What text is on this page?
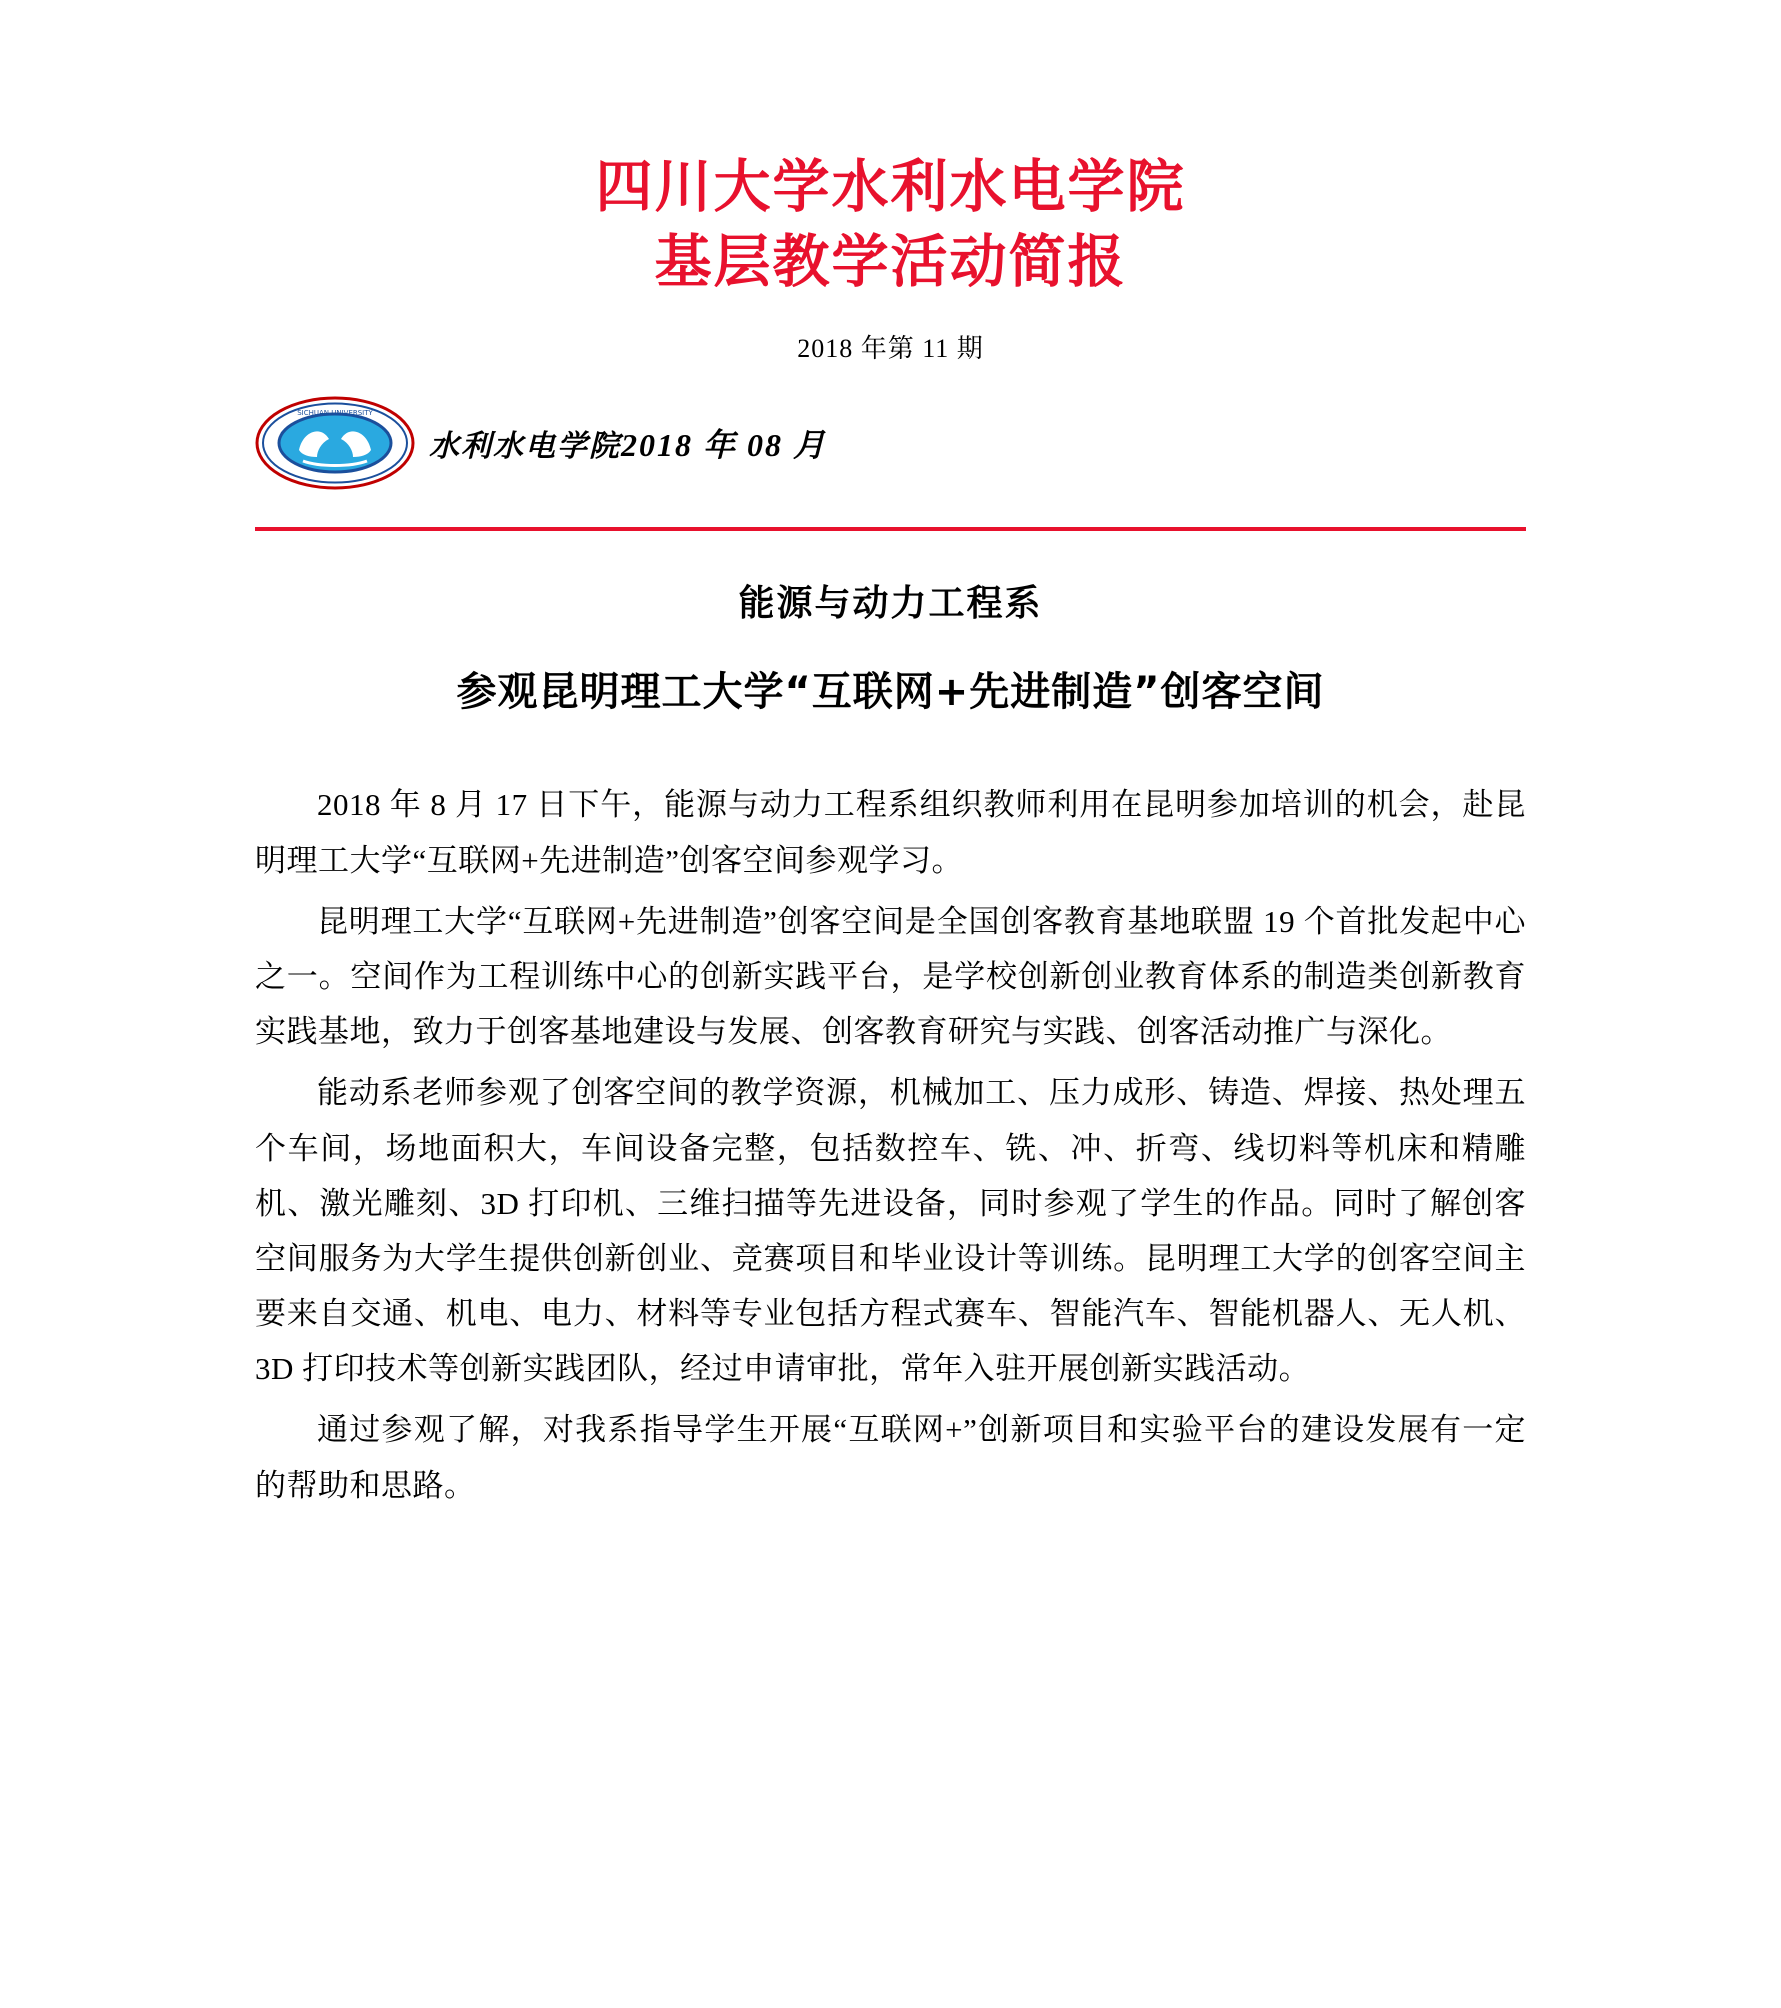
四川大学水利水电学院
基层教学活动简报
2018 年第 11 期
SICHUAN UNIVERSITY
水利水电学院2018 年 08 月
能源与动力工程系
参观昆明理工大学“互联网+先进制造”创客空间

2018 年 8 月 17 日下午，能源与动力工程系组织教师利用在昆明参加培训的机会，赴昆明理工大学“互联网+先进制造”创客空间参观学习。

昆明理工大学“互联网+先进制造”创客空间是全国创客教育基地联盟 19 个首批发起中心之一。空间作为工程训练中心的创新实践平台，是学校创新创业教育体系的制造类创新教育实践基地，致力于创客基地建设与发展、创客教育研究与实践、创客活动推广与深化。

能动系老师参观了创客空间的教学资源，机械加工、压力成形、铸造、焊接、热处理五个车间，场地面积大，车间设备完整，包括数控车、铣、冲、折弯、线切料等机床和精雕机、激光雕刻、3D 打印机、三维扫描等先进设备，同时参观了学生的作品。同时了解创客空间服务为大学生提供创新创业、竞赛项目和毕业设计等训练。昆明理工大学的创客空间主要来自交通、机电、电力、材料等专业包括方程式赛车、智能汽车、智能机器人、无人机、3D 打印技术等创新实践团队，经过申请审批，常年入驻开展创新实践活动。

通过参观了解，对我系指导学生开展“互联网+”创新项目和实验平台的建设发展有一定的帮助和思路。
